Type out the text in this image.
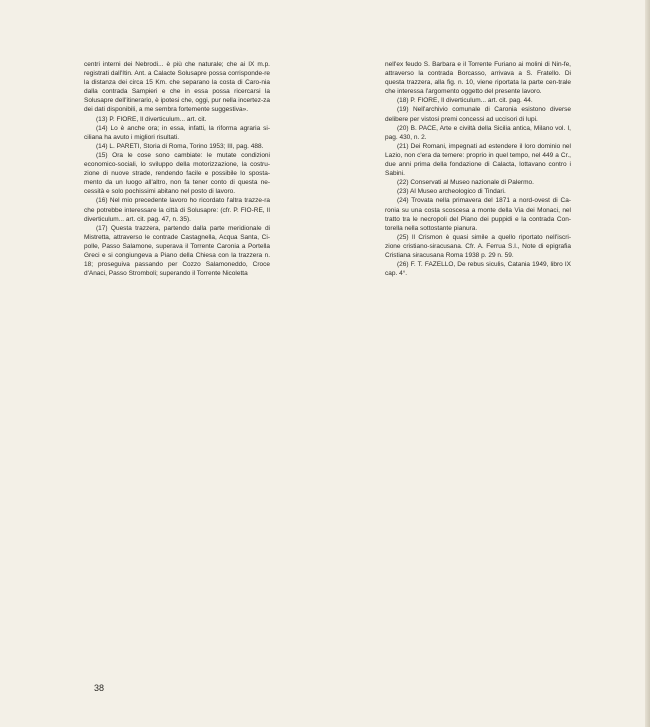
centri interni dei Nebrodi... è più che naturale; che ai IX m.p. registrati dall'Itin. Ant. a Calacte Solusapre possa corrisponde-re la distanza dei circa 15 Km. che separano la costa di Caro-nia dalla contrada Sampieri e che in essa possa ricercarsi la Solusapre dell'itinerario, è ipotesi che, oggi, pur nella incertez-za dei dati disponibili, a me sembra fortemente suggestiva».

(13) P. FIORE, Il diverticulum... art. cit.

(14) Lo è anche ora; in essa, infatti, la riforma agraria si-ciliana ha avuto i migliori risultati.

(14) L. PARETI, Storia di Roma, Torino 1953; III, pag. 488.

(15) Ora le cose sono cambiate: le mutate condizioni economico-sociali, lo sviluppo della motorizzazione, la costru-zione di nuove strade, rendendo facile e possibile lo sposta-mento da un luogo all'altro, non fa tener conto di questa ne-cessità e solo pochissimi abitano nel posto di lavoro.

(16) Nel mio precedente lavoro ho ricordato l'altra trazze-ra che potrebbe interessare la città di Solusapre: (cfr. P. FIO-RE, Il diverticulum... art. cit. pag. 47, n. 35).

(17) Questa trazzera, partendo dalla parte meridionale di Mistretta, attraverso le contrade Castagnella, Acqua Santa, Ci-polle, Passo Salamone, superava il Torrente Caronia a Portella Greci e si congiungeva a Piano della Chiesa con la trazzera n. 18; proseguiva passando per Cozzo Salamoneddo, Croce d'Anaci, Passo Stromboli; superando il Torrente Nicoletta

nell'ex feudo S. Barbara e il Torrente Furiano ai molini di Nin-fe, attraverso la contrada Borcasso, arrivava a S. Fratello. Di questa trazzera, alla fig. n. 10, viene riportata la parte cen-trale che interessa l'argomento oggetto del presente lavoro.

(18) P. FIORE, Il diverticulum... art. cit. pag. 44.

(19) Nell'archivio comunale di Caronia esistono diverse delibere per vistosi premi concessi ad uccisori di lupi.

(20) B. PACE, Arte e civiltà della Sicilia antica, Milano vol. I, pag. 430, n. 2.

(21) Dei Romani, impegnati ad estendere il loro dominio nel Lazio, non c'era da temere: proprio in quel tempo, nel 449 a Cr., due anni prima della fondazione di Calacta, lottavano contro i Sabini.

(22) Conservati al Museo nazionale di Palermo.

(23) Al Museo archeologico di Tindari.

(24) Trovata nella primavera del 1871 a nord-ovest di Ca-ronia su una costa scoscesa a monte della Via dei Monaci, nel tratto tra le necropoli del Piano dei puppidi e la contrada Con-torella nella sottostante pianura.

(25) Il Crismon è quasi simile a quello riportato nell'iscri-zione cristiano-siracusana. Cfr. A. Ferrua S.I., Note di epigrafia Cristiana siracusana Roma 1938 p. 29 n. 59.

(26) F. T. FAZELLO, De rebus siculis, Catania 1949, libro IX cap. 4°.

38
